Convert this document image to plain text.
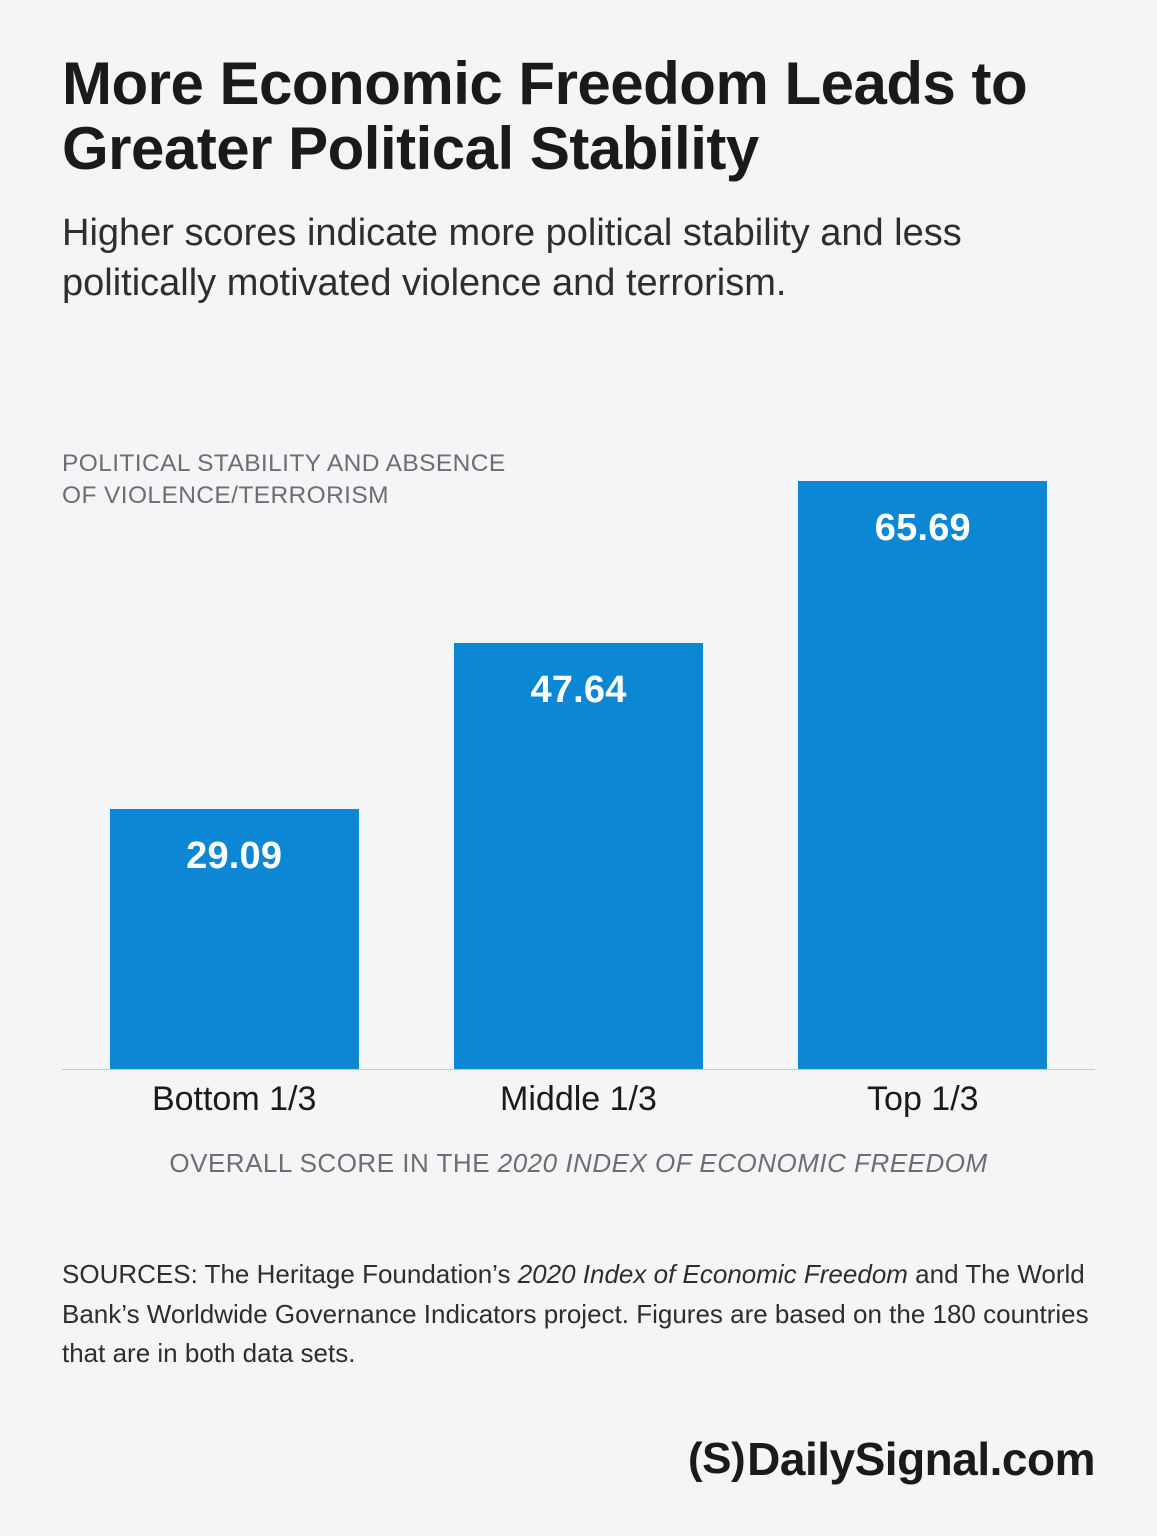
More Economic Freedom Leads to Greater Political Stability

Higher scores indicate more political stability and less politically motivated violence and terrorism.

POLITICAL STABILITY AND ABSENCE
OF VIOLENCE/TERRORISM
29.09
47.64
65.69
Bottom 1/3	Middle 1/3	Top 1/3
OVERALL SCORE IN THE 2020 INDEX OF ECONOMIC FREEDOM
SOURCES: The Heritage Foundation’s 2020 Index of Economic Freedom and The World Bank’s Worldwide Governance Indicators project. Figures are based on the 180 countries that are in both data sets.
(S) DailySignal.com
